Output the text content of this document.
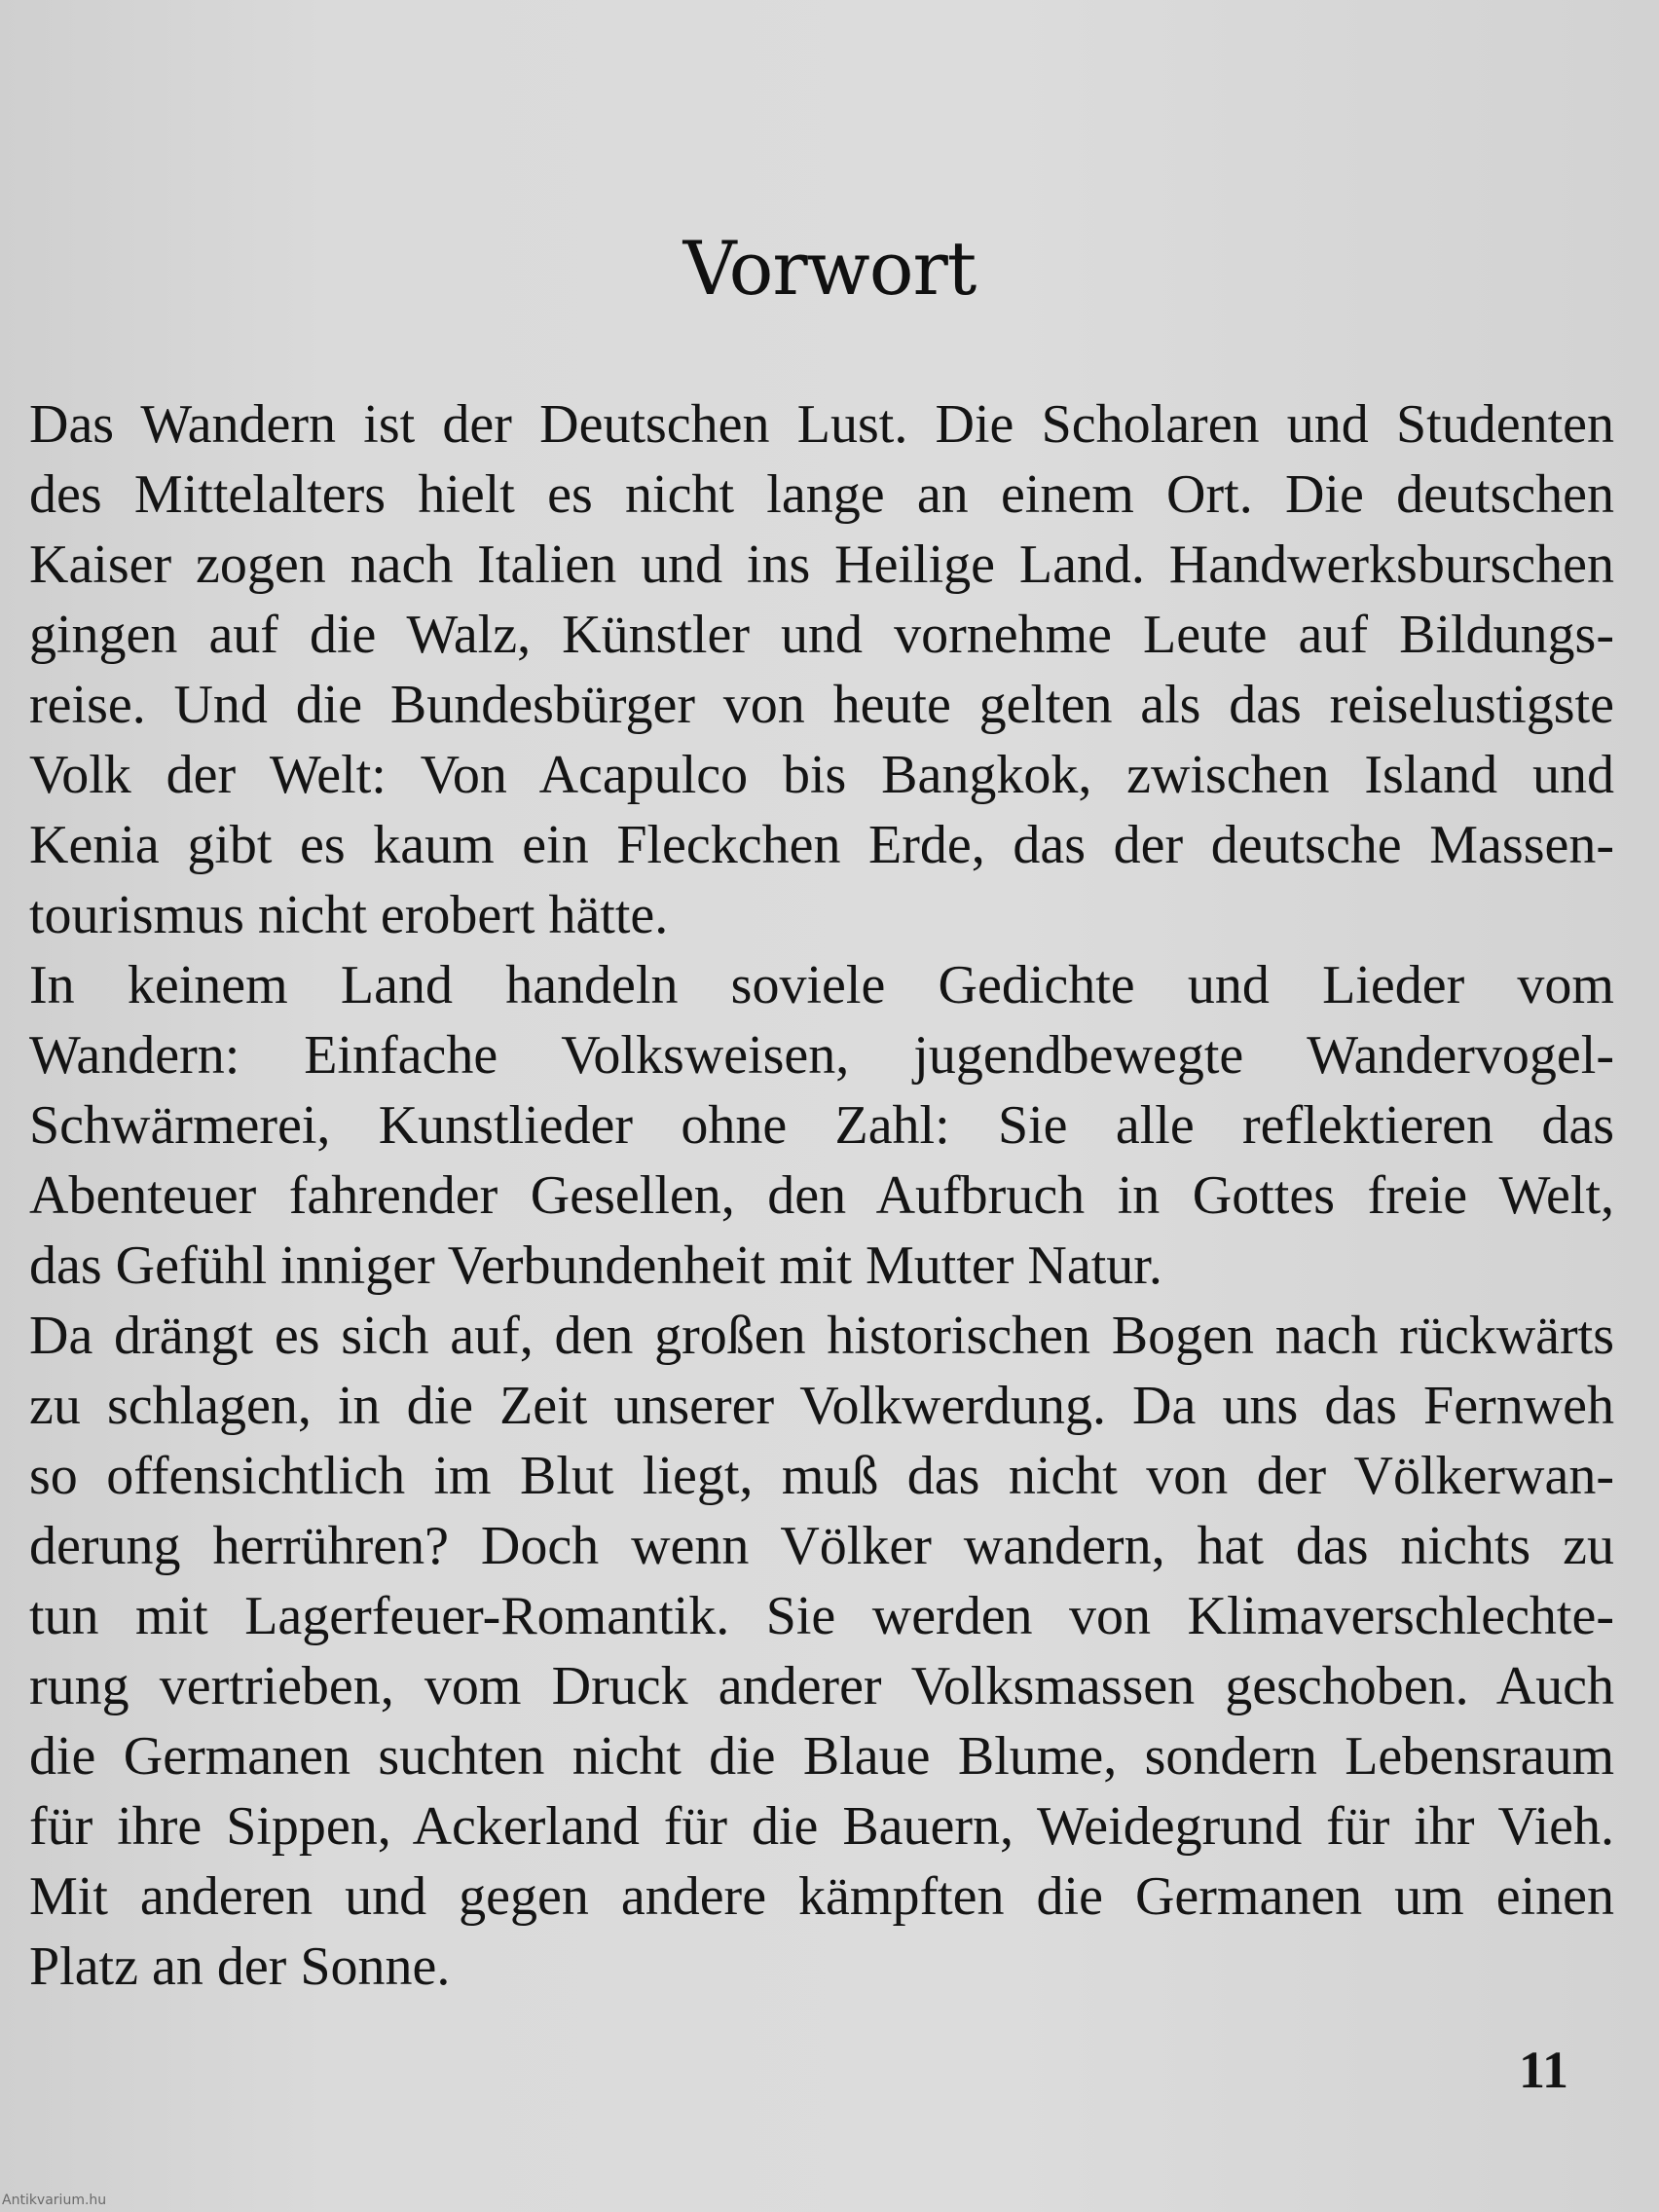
Vorwort
Das Wandern ist der Deutschen Lust. Die Scholaren und Studenten
des Mittelalters hielt es nicht lange an einem Ort. Die deutschen
Kaiser zogen nach Italien und ins Heilige Land. Handwerksburschen
gingen auf die Walz, Künstler und vornehme Leute auf Bildungs-
reise. Und die Bundesbürger von heute gelten als das reiselustigste
Volk der Welt: Von Acapulco bis Bangkok, zwischen Island und
Kenia gibt es kaum ein Fleckchen Erde, das der deutsche Massen-
tourismus nicht erobert hätte.
In keinem Land handeln soviele Gedichte und Lieder vom
Wandern: Einfache Volksweisen, jugendbewegte Wandervogel-
Schwärmerei, Kunstlieder ohne Zahl: Sie alle reflektieren das
Abenteuer fahrender Gesellen, den Aufbruch in Gottes freie Welt,
das Gefühl inniger Verbundenheit mit Mutter Natur.
Da drängt es sich auf, den großen historischen Bogen nach rückwärts
zu schlagen, in die Zeit unserer Volkwerdung. Da uns das Fernweh
so offensichtlich im Blut liegt, muß das nicht von der Völkerwan-
derung herrühren? Doch wenn Völker wandern, hat das nichts zu
tun mit Lagerfeuer-Romantik. Sie werden von Klimaverschlechte-
rung vertrieben, vom Druck anderer Volksmassen geschoben. Auch
die Germanen suchten nicht die Blaue Blume, sondern Lebensraum
für ihre Sippen, Ackerland für die Bauern, Weidegrund für ihr Vieh.
Mit anderen und gegen andere kämpften die Germanen um einen
Platz an der Sonne.
11
Antikvarium.hu
